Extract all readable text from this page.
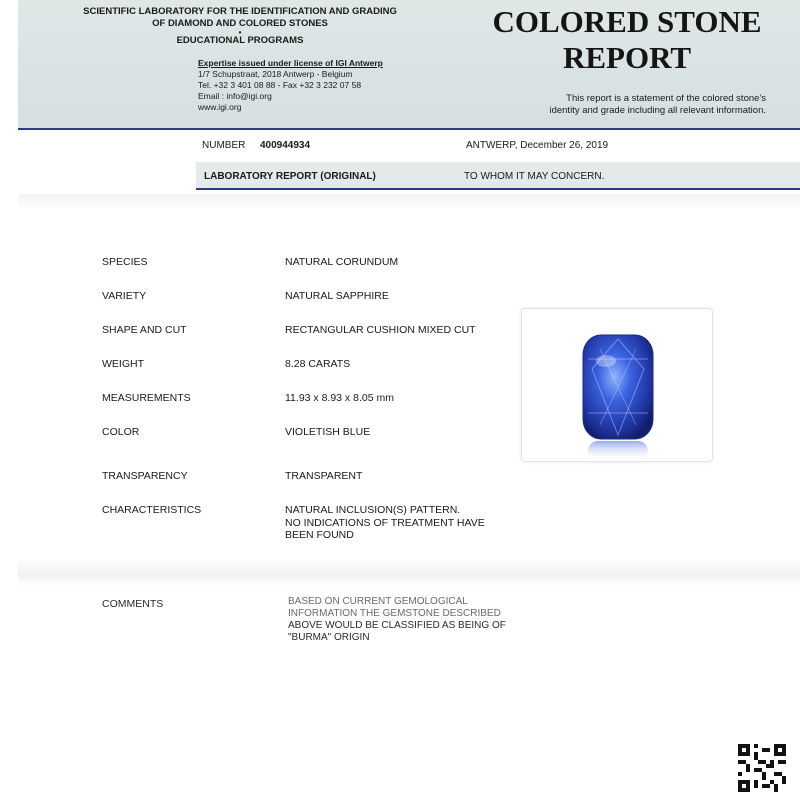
SCIENTIFIC LABORATORY FOR THE IDENTIFICATION AND GRADING
OF DIAMOND AND COLORED STONES
•
EDUCATIONAL PROGRAMS
Expertise issued under license of IGI Antwerp
1/7 Schupstraat, 2018 Antwerp - Belgium
Tel. +32 3 401 08 88 - Fax +32 3 232 07 58
Email : info@igi.org
www.igi.org
COLORED STONE
REPORT
This report is a statement of the colored stone's
identity and grade including all relevant information.
NUMBER 400944934	ANTWERP, December 26, 2019
LABORATORY REPORT (ORIGINAL)	TO WHOM IT MAY CONCERN.
SPECIES	NATURAL CORUNDUM
VARIETY	NATURAL SAPPHIRE
SHAPE AND CUT	RECTANGULAR CUSHION MIXED CUT
WEIGHT	8.28 CARATS
MEASUREMENTS	11.93 x 8.93 x 8.05 mm
COLOR	VIOLETISH BLUE
TRANSPARENCY	TRANSPARENT
CHARACTERISTICS	NATURAL INCLUSION(S) PATTERN.
NO INDICATIONS OF TREATMENT HAVE
BEEN FOUND
COMMENTS	BASED ON CURRENT GEMOLOGICAL
INFORMATION THE GEMSTONE DESCRIBED
ABOVE WOULD BE CLASSIFIED AS BEING OF
"BURMA" ORIGIN
